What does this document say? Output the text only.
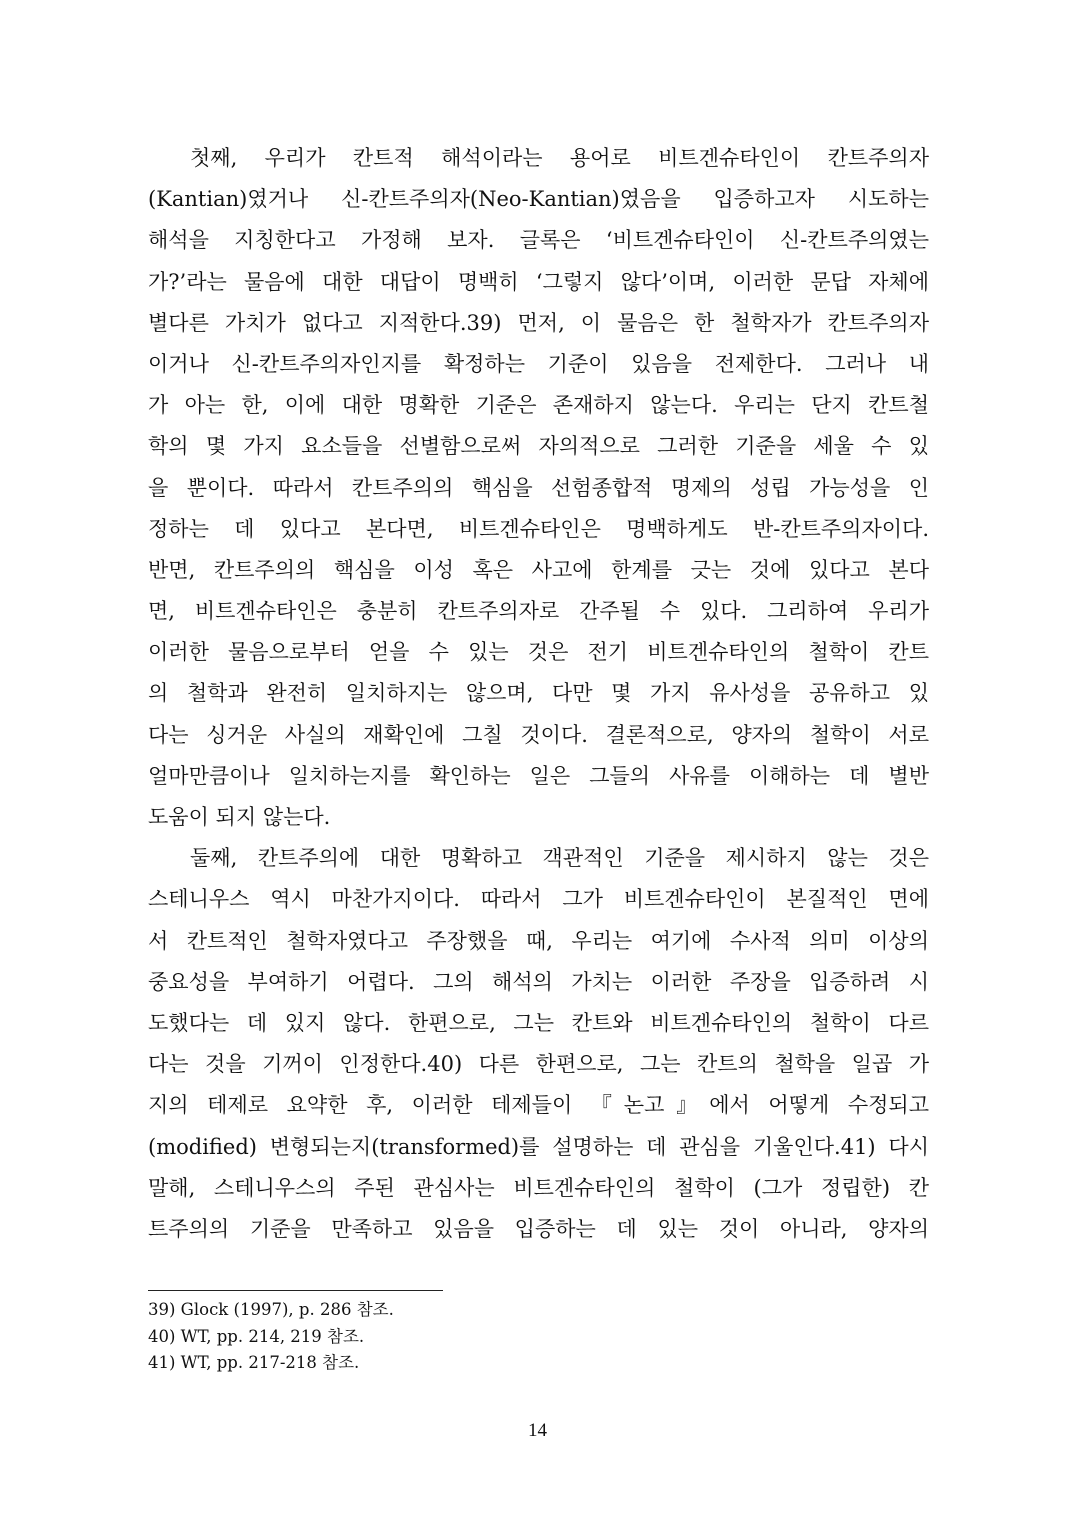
첫째, 우리가 칸트적 해석이라는 용어로 비트겐슈타인이 칸트주의자
(Kantian)였거나 신-칸트주의자(Neo-Kantian)였음을 입증하고자 시도하는
해석을 지칭한다고 가정해 보자. 글록은 ‘비트겐슈타인이 신-칸트주의였는
가?’라는 물음에 대한 대답이 명백히 ‘그렇지 않다’이며, 이러한 문답 자체에
별다른 가치가 없다고 지적한다.39) 먼저, 이 물음은 한 철학자가 칸트주의자
이거나 신-칸트주의자인지를 확정하는 기준이 있음을 전제한다. 그러나 내
가 아는 한, 이에 대한 명확한 기준은 존재하지 않는다. 우리는 단지 칸트철
학의 몇 가지 요소들을 선별함으로써 자의적으로 그러한 기준을 세울 수 있
을 뿐이다. 따라서 칸트주의의 핵심을 선험종합적 명제의 성립 가능성을 인
정하는 데 있다고 본다면, 비트겐슈타인은 명백하게도 반-칸트주의자이다.
반면, 칸트주의의 핵심을 이성 혹은 사고에 한계를 긋는 것에 있다고 본다
면, 비트겐슈타인은 충분히 칸트주의자로 간주될 수 있다. 그리하여 우리가
이러한 물음으로부터 얻을 수 있는 것은 전기 비트겐슈타인의 철학이 칸트
의 철학과 완전히 일치하지는 않으며, 다만 몇 가지 유사성을 공유하고 있
다는 싱거운 사실의 재확인에 그칠 것이다. 결론적으로, 양자의 철학이 서로
얼마만큼이나 일치하는지를 확인하는 일은 그들의 사유를 이해하는 데 별반
도움이 되지 않는다.
둘째, 칸트주의에 대한 명확하고 객관적인 기준을 제시하지 않는 것은
스테니우스 역시 마찬가지이다. 따라서 그가 비트겐슈타인이 본질적인 면에
서 칸트적인 철학자였다고 주장했을 때, 우리는 여기에 수사적 의미 이상의
중요성을 부여하기 어렵다. 그의 해석의 가치는 이러한 주장을 입증하려 시
도했다는 데 있지 않다. 한편으로, 그는 칸트와 비트겐슈타인의 철학이 다르
다는 것을 기꺼이 인정한다.40) 다른 한편으로, 그는 칸트의 철학을 일곱 가
지의 테제로 요약한 후, 이러한 테제들이 『논고』에서 어떻게 수정되고
(modified) 변형되는지(transformed)를 설명하는 데 관심을 기울인다.41) 다시
말해, 스테니우스의 주된 관심사는 비트겐슈타인의 철학이 (그가 정립한) 칸
트주의의 기준을 만족하고 있음을 입증하는 데 있는 것이 아니라, 양자의
39) Glock (1997), p. 286 참조.
40) WT, pp. 214, 219 참조.
41) WT, pp. 217-218 참조.
14
